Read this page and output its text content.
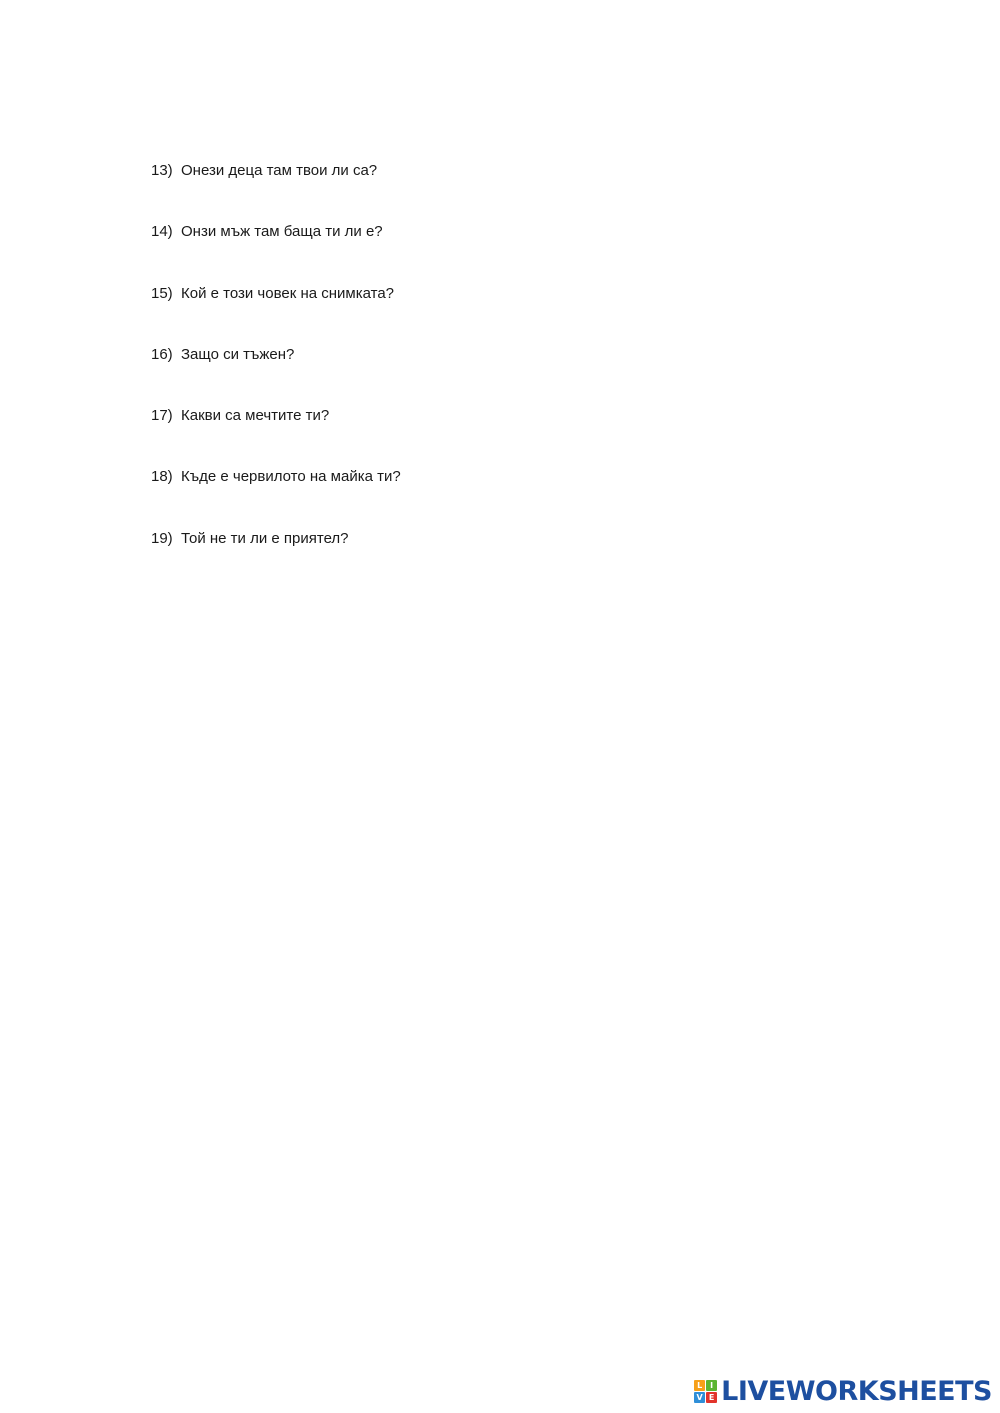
13) Онези деца там твои ли са?
14) Онзи мъж там баща ти ли е?
15) Кой е този човек на снимката?
16) Защо си тъжен?
17) Какви са мечтите ти?
18) Къде е червилото на майка ти?
19) Той не ти ли е приятел?
L I
V E LIVEWORKSHEETS
